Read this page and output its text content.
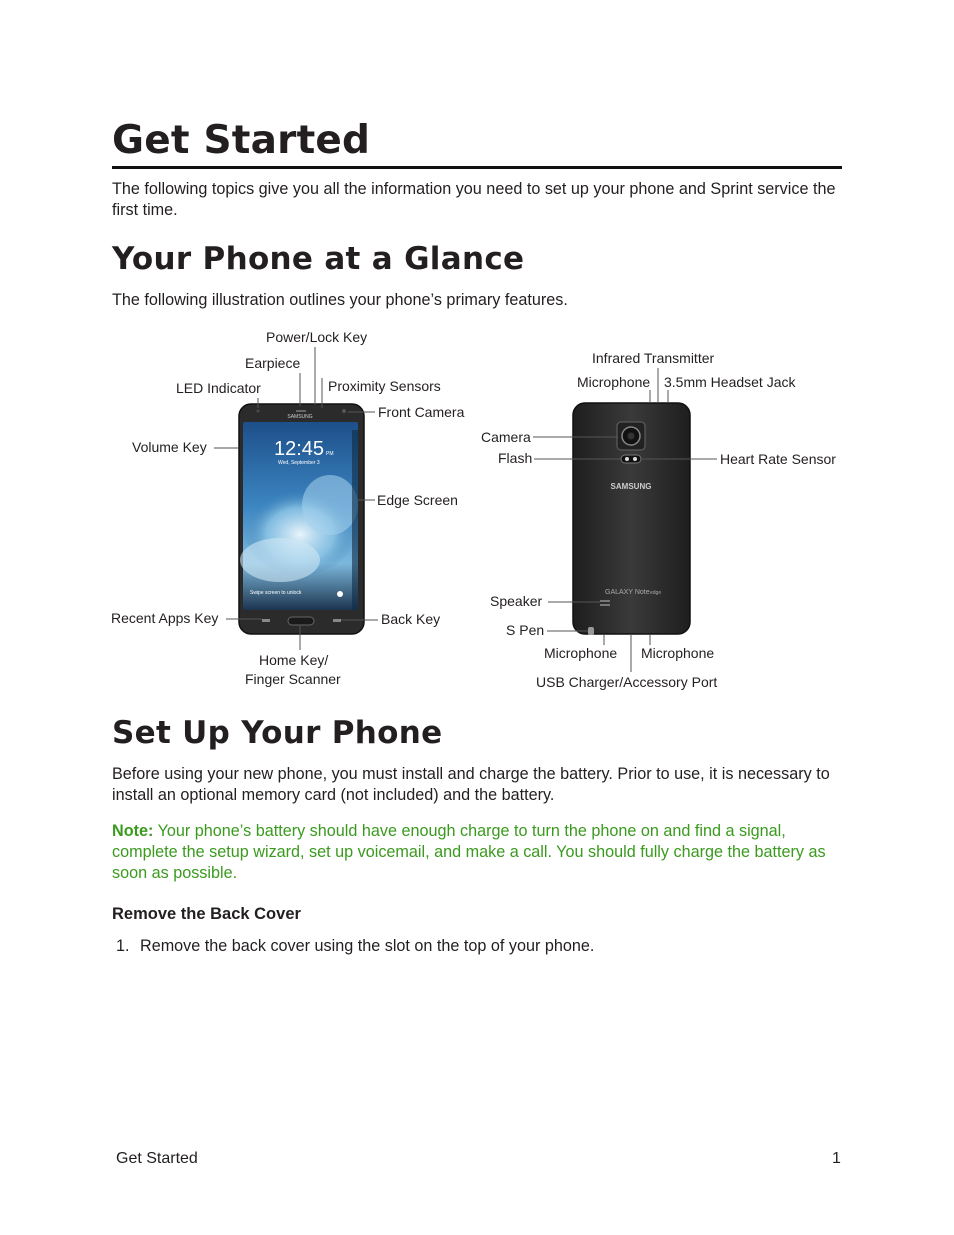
Get Started

The following topics give you all the information you need to set up your phone and Sprint service the first time.

Your Phone at a Glance

The following illustration outlines your phone’s primary features.

Set Up Your Phone

Before using your new phone, you must install and charge the battery. Prior to use, it is necessary to install an optional memory card (not included) and the battery.

Note: Your phone’s battery should have enough charge to turn the phone on and find a signal, complete the setup wizard, set up voicemail, and make a call. You should fully charge the battery as soon as possible.

Remove the Back Cover

1. Remove the back cover using the slot on the top of your phone.

SAMSUNG
12:45 PM
Wed, September 3
Swipe screen to unlock
SAMSUNG
GALAXY Note edge
Power/Lock Key
Earpiece
LED Indicator	Proximity Sensors
Front Camera
Volume Key
Edge Screen
Recent Apps Key	Back Key
Home Key/
Finger Scanner
Infrared Transmitter
Microphone 3.5mm Headset Jack
Camera
Flash	Heart Rate Sensor
Speaker
S Pen
Microphone Microphone
USB Charger/Accessory Port
Get Started	1
